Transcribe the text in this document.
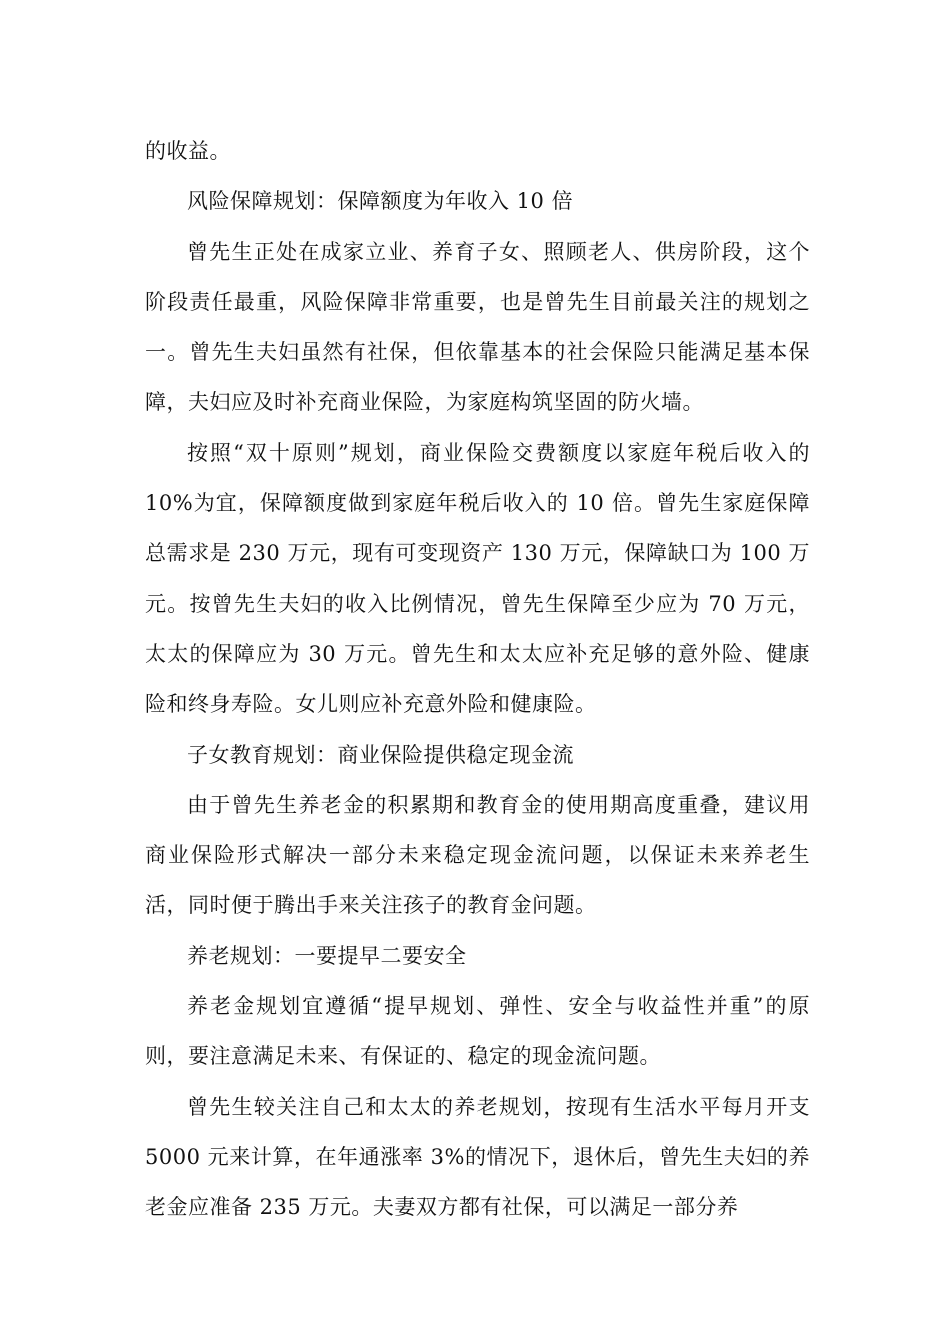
的收益。

风险保障规划：保障额度为年收入 10 倍

曾先生正处在成家立业、养育子女、照顾老人、供房阶段，这个阶段责任最重，风险保障非常重要，也是曾先生目前最关注的规划之一。曾先生夫妇虽然有社保，但依靠基本的社会保险只能满足基本保障，夫妇应及时补充商业保险，为家庭构筑坚固的防火墙。

按照“双十原则”规划，商业保险交费额度以家庭年税后收入的 10%为宜，保障额度做到家庭年税后收入的 10 倍。曾先生家庭保障总需求是 230 万元，现有可变现资产 130 万元，保障缺口为 100 万元。按曾先生夫妇的收入比例情况，曾先生保障至少应为 70 万元，太太的保障应为 30 万元。曾先生和太太应补充足够的意外险、健康险和终身寿险。女儿则应补充意外险和健康险。

子女教育规划：商业保险提供稳定现金流

由于曾先生养老金的积累期和教育金的使用期高度重叠，建议用商业保险形式解决一部分未来稳定现金流问题，以保证未来养老生活，同时便于腾出手来关注孩子的教育金问题。

养老规划：一要提早二要安全

养老金规划宜遵循“提早规划、弹性、安全与收益性并重”的原则，要注意满足未来、有保证的、稳定的现金流问题。

曾先生较关注自己和太太的养老规划，按现有生活水平每月开支 5000 元来计算，在年通涨率 3%的情况下，退休后，曾先生夫妇的养老金应准备 235 万元。夫妻双方都有社保，可以满足一部分养
